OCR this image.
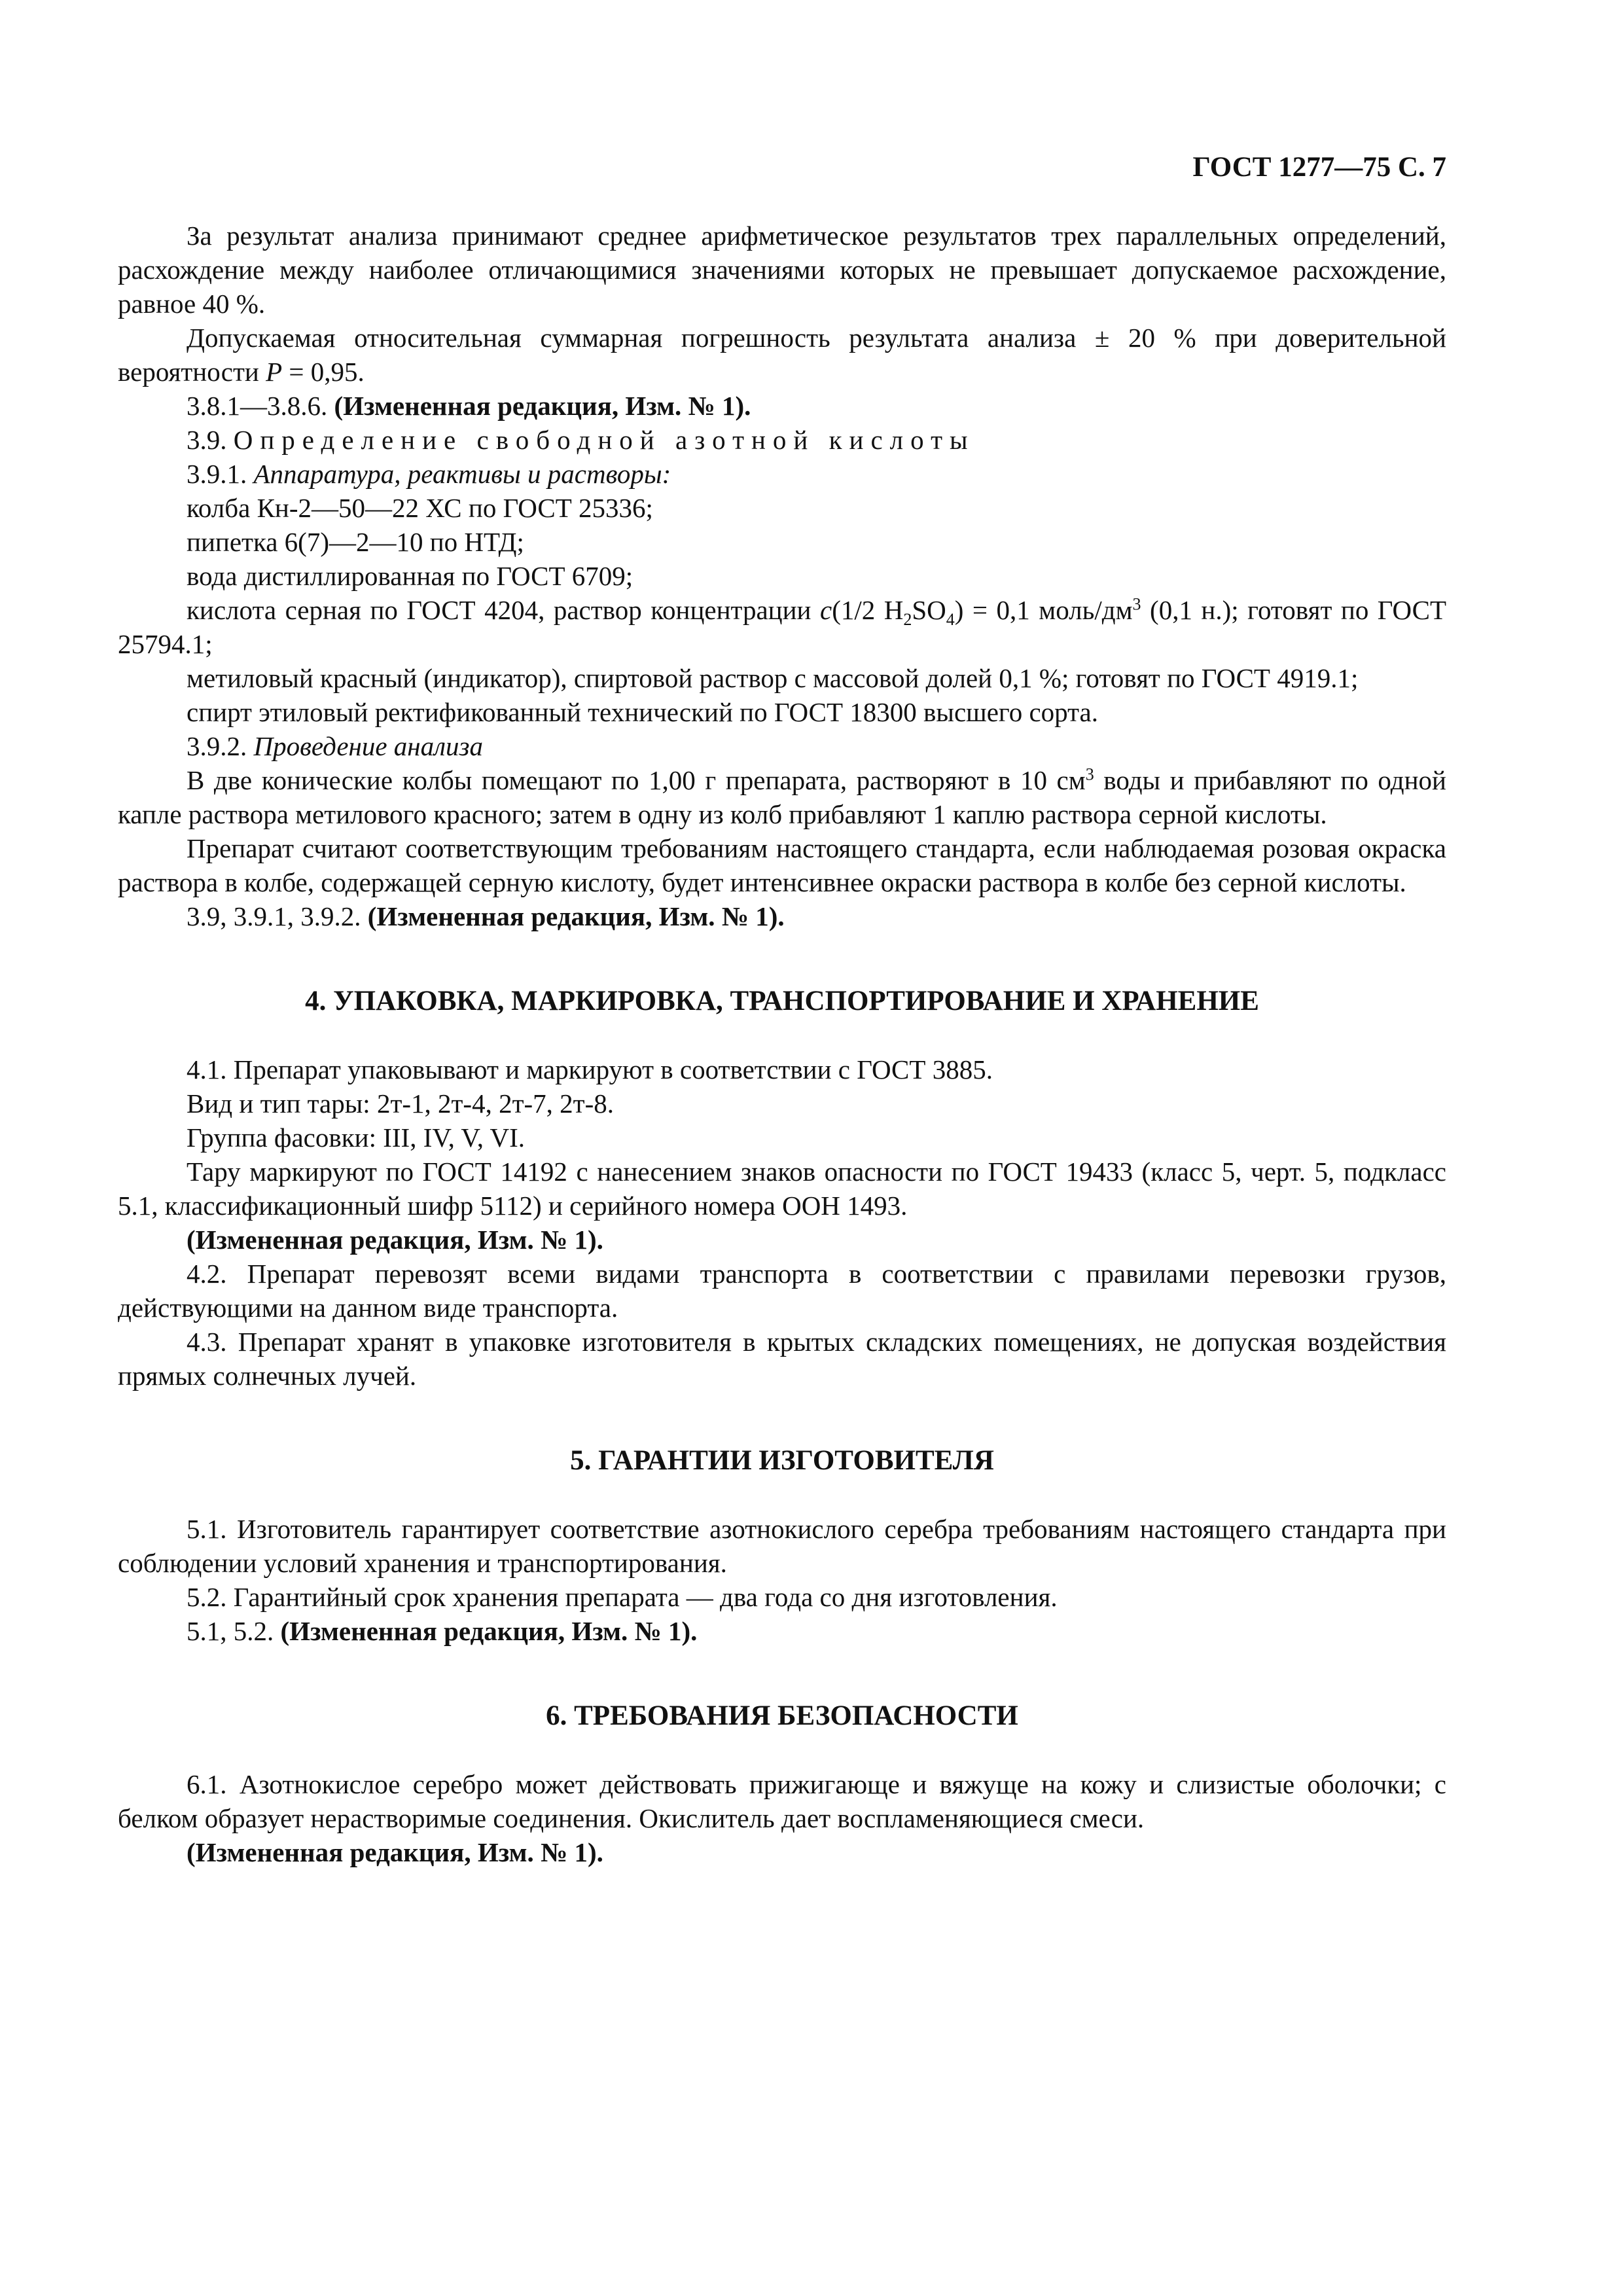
ГОСТ 1277—75 С. 7

За результат анализа принимают среднее арифметическое результатов трех параллельных определений, расхождение между наиболее отличающимися значениями которых не превышает допускаемое расхождение, равное 40 %.

Допускаемая относительная суммарная погрешность результата анализа ± 20 % при доверительной вероятности P = 0,95.

3.8.1—3.8.6. (Измененная редакция, Изм. № 1).

3.9. Определение свободной азотной кислоты

3.9.1. Аппаратура, реактивы и растворы:

колба Кн-2—50—22 ХС по ГОСТ 25336;

пипетка 6(7)—2—10 по НТД;

вода дистиллированная по ГОСТ 6709;

кислота серная по ГОСТ 4204, раствор концентрации c(1/2 $H_2SO_4) = 0,1$ моль/$дм^3$ (0,1 н.); готовят по ГОСТ 25794.1;

метиловый красный (индикатор), спиртовой раствор с массовой долей 0,1 %; готовят по ГОСТ 4919.1;

спирт этиловый ректификованный технический по ГОСТ 18300 высшего сорта.

3.9.2. Проведение анализа

В две конические колбы помещают по 1,00 г препарата, растворяют в 10 $см^3$ воды и прибавляют по одной капле раствора метилового красного; затем в одну из колб прибавляют 1 каплю раствора серной кислоты.

Препарат считают соответствующим требованиям настоящего стандарта, если наблюдаемая розовая окраска раствора в колбе, содержащей серную кислоту, будет интенсивнее окраски раствора в колбе без серной кислоты.

3.9, 3.9.1, 3.9.2. (Измененная редакция, Изм. № 1).

4. УПАКОВКА, МАРКИРОВКА, ТРАНСПОРТИРОВАНИЕ И ХРАНЕНИЕ

4.1. Препарат упаковывают и маркируют в соответствии с ГОСТ 3885.

Вид и тип тары: 2т-1, 2т-4, 2т-7, 2т-8.

Группа фасовки: III, IV, V, VI.

Тару маркируют по ГОСТ 14192 с нанесением знаков опасности по ГОСТ 19433 (класс 5, черт. 5, подкласс 5.1, классификационный шифр 5112) и серийного номера ООН 1493.

(Измененная редакция, Изм. № 1).

4.2. Препарат перевозят всеми видами транспорта в соответствии с правилами перевозки грузов, действующими на данном виде транспорта.

4.3. Препарат хранят в упаковке изготовителя в крытых складских помещениях, не допуская воздействия прямых солнечных лучей.

5. ГАРАНТИИ ИЗГОТОВИТЕЛЯ

5.1. Изготовитель гарантирует соответствие азотнокислого серебра требованиям настоящего стандарта при соблюдении условий хранения и транспортирования.

5.2. Гарантийный срок хранения препарата — два года со дня изготовления.

5.1, 5.2. (Измененная редакция, Изм. № 1).

6. ТРЕБОВАНИЯ БЕЗОПАСНОСТИ

6.1. Азотнокислое серебро может действовать прижигающе и вяжуще на кожу и слизистые оболочки; с белком образует нерастворимые соединения. Окислитель дает воспламеняющиеся смеси.

(Измененная редакция, Изм. № 1).
